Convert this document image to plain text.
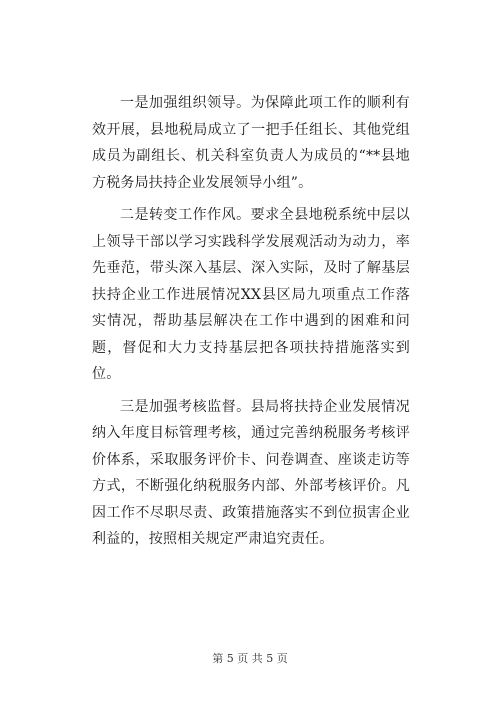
一是加强组织领导。为保障此项工作的顺利有效开展，县地税局成立了一把手任组长、其他党组成员为副组长、机关科室负责人为成员的“**县地方税务局扶持企业发展领导小组”。

二是转变工作作风。要求全县地税系统中层以上领导干部以学习实践科学发展观活动为动力，率先垂范，带头深入基层、深入实际，及时了解基层扶持企业工作进展情况XX县区局九项重点工作落实情况，帮助基层解决在工作中遇到的困难和问题，督促和大力支持基层把各项扶持措施落实到位。

三是加强考核监督。县局将扶持企业发展情况纳入年度目标管理考核，通过完善纳税服务考核评价体系，采取服务评价卡、问卷调查、座谈走访等方式，不断强化纳税服务内部、外部考核评价。凡因工作不尽职尽责、政策措施落实不到位损害企业利益的，按照相关规定严肃追究责任。

第 5 页 共 5 页
